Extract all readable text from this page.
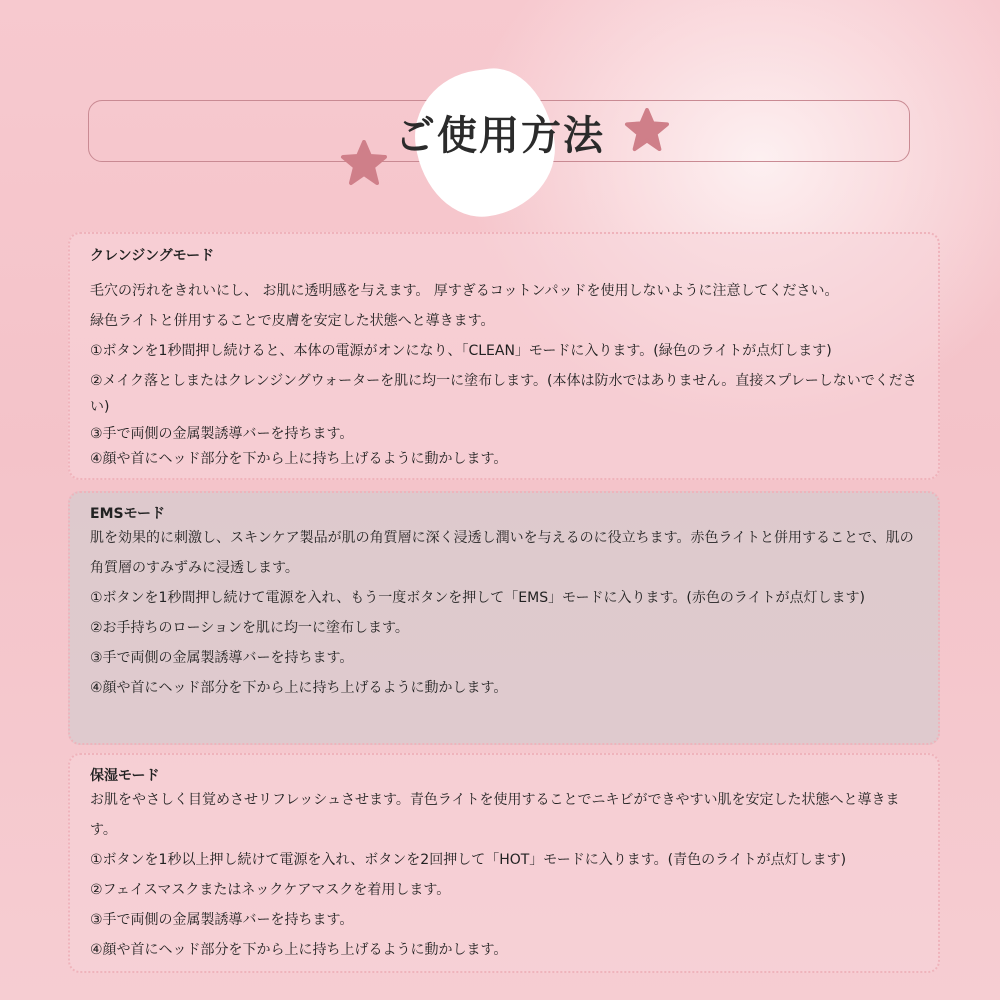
ご使用方法
クレンジングモード

毛穴の汚れをきれいにし、 お肌に透明感を与えます。 厚すぎるコットンパッドを使用しないように注意してください。

緑色ライトと併用することで皮膚を安定した状態へと導きます。

①ボタンを1秒間押し続けると、本体の電源がオンになり、「CLEAN」モードに入ります。(緑色のライトが点灯します)
②メイク落としまたはクレンジングウォーターを肌に均一に塗布します。(本体は防水ではありません。直接スプレーしないでください)
③手で両側の金属製誘導バーを持ちます。
④顔や首にヘッド部分を下から上に持ち上げるように動かします。
EMSモード

肌を効果的に刺激し、スキンケア製品が肌の角質層に深く浸透し潤いを与えるのに役立ちます。赤色ライトと併用することで、肌の角質層のすみずみに浸透します。

①ボタンを1秒間押し続けて電源を入れ、もう一度ボタンを押して「EMS」モードに入ります。(赤色のライトが点灯します)
②お手持ちのローションを肌に均一に塗布します。
③手で両側の金属製誘導バーを持ちます。
④顔や首にヘッド部分を下から上に持ち上げるように動かします。
保湿モード

お肌をやさしく目覚めさせリフレッシュさせます。青色ライトを使用することでニキビができやすい肌を安定した状態へと導きます。

①ボタンを1秒以上押し続けて電源を入れ、ボタンを2回押して「HOT」モードに入ります。(青色のライトが点灯します)
②フェイスマスクまたはネックケアマスクを着用します。
③手で両側の金属製誘導バーを持ちます。
④顔や首にヘッド部分を下から上に持ち上げるように動かします。
